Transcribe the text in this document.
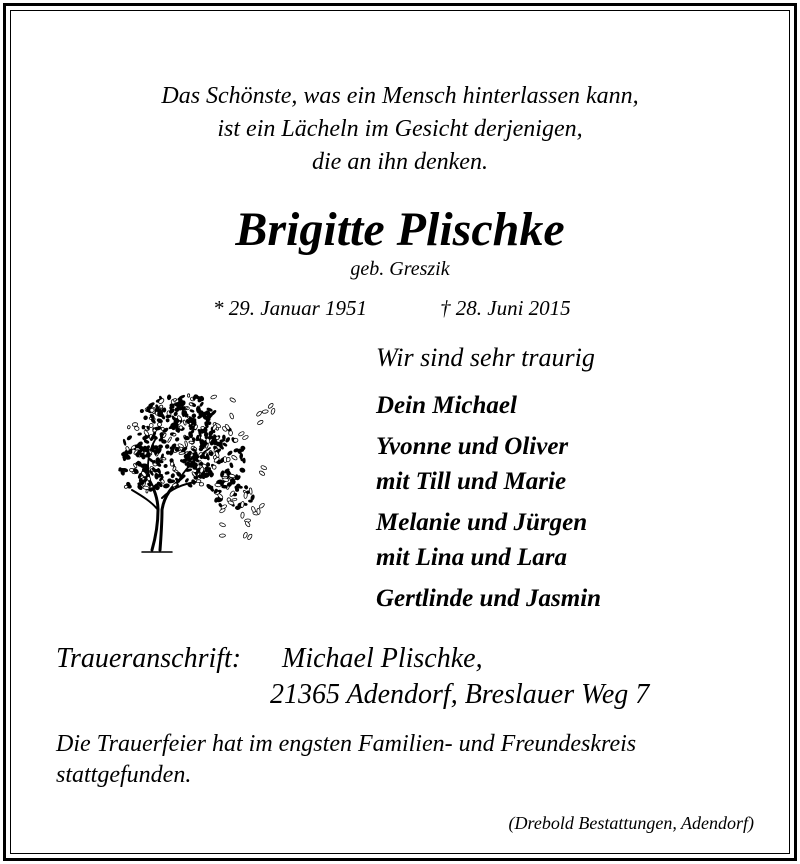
Das Schönste, was ein Mensch hinterlassen kann,
ist ein Lächeln im Gesicht derjenigen,
die an ihn denken.
Brigitte Plischke
geb. Greszik
* 29. Januar 1951	† 28. Juni 2015
Wir sind sehr traurig
Dein Michael
Yvonne und Oliver
mit Till und Marie
Melanie und Jürgen
mit Lina und Lara
Gertlinde und Jasmin
Traueranschrift: Michael Plischke,
21365 Adendorf, Breslauer Weg 7
Die Trauerfeier hat im engsten Familien- und Freundeskreis
stattgefunden.
(Drebold Bestattungen, Adendorf)
